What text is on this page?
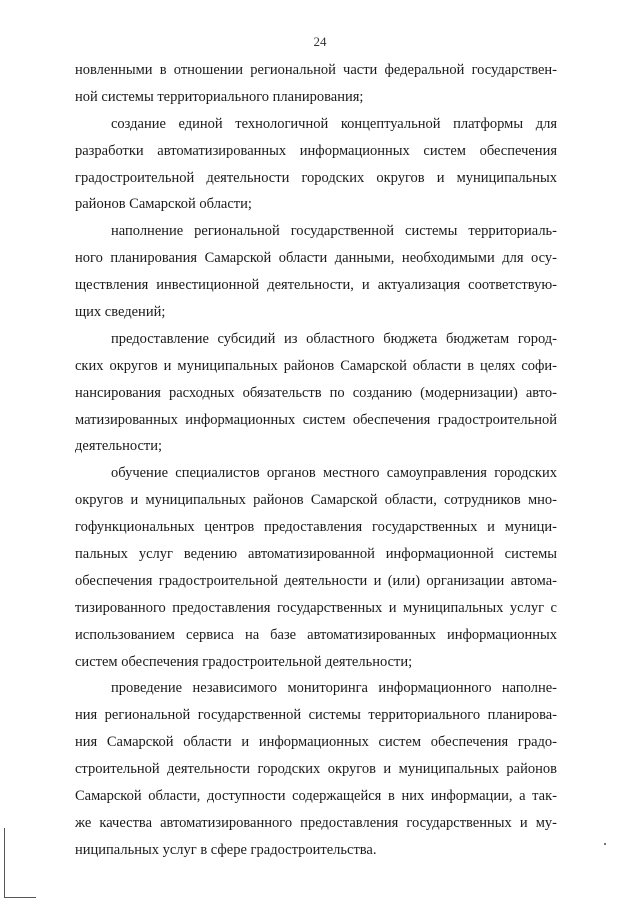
24
новленными в отношении региональной части федеральной государствен-
ной системы территориального планирования;
создание единой технологичной концептуальной платформы для
разработки автоматизированных информационных систем обеспечения
градостроительной деятельности городских округов и муниципальных
районов Самарской области;
наполнение региональной государственной системы территориаль-
ного планирования Самарской области данными, необходимыми для осу-
ществления инвестиционной деятельности, и актуализация соответствую-
щих сведений;
предоставление субсидий из областного бюджета бюджетам город-
ских округов и муниципальных районов Самарской области в целях софи-
нансирования расходных обязательств по созданию (модернизации) авто-
матизированных информационных систем обеспечения градостроительной
деятельности;
обучение специалистов органов местного самоуправления городских
округов и муниципальных районов Самарской области, сотрудников мно-
гофункциональных центров предоставления государственных и муници-
пальных услуг ведению автоматизированной информационной системы
обеспечения градостроительной деятельности и (или) организации автома-
тизированного предоставления государственных и муниципальных услуг с
использованием сервиса на базе автоматизированных информационных
систем обеспечения градостроительной деятельности;
проведение независимого мониторинга информационного наполне-
ния региональной государственной системы территориального планирова-
ния Самарской области и информационных систем обеспечения градо-
строительной деятельности городских округов и муниципальных районов
Самарской области, доступности содержащейся в них информации, а так-
же качества автоматизированного предоставления государственных и му-
ниципальных услуг в сфере градостроительства.
